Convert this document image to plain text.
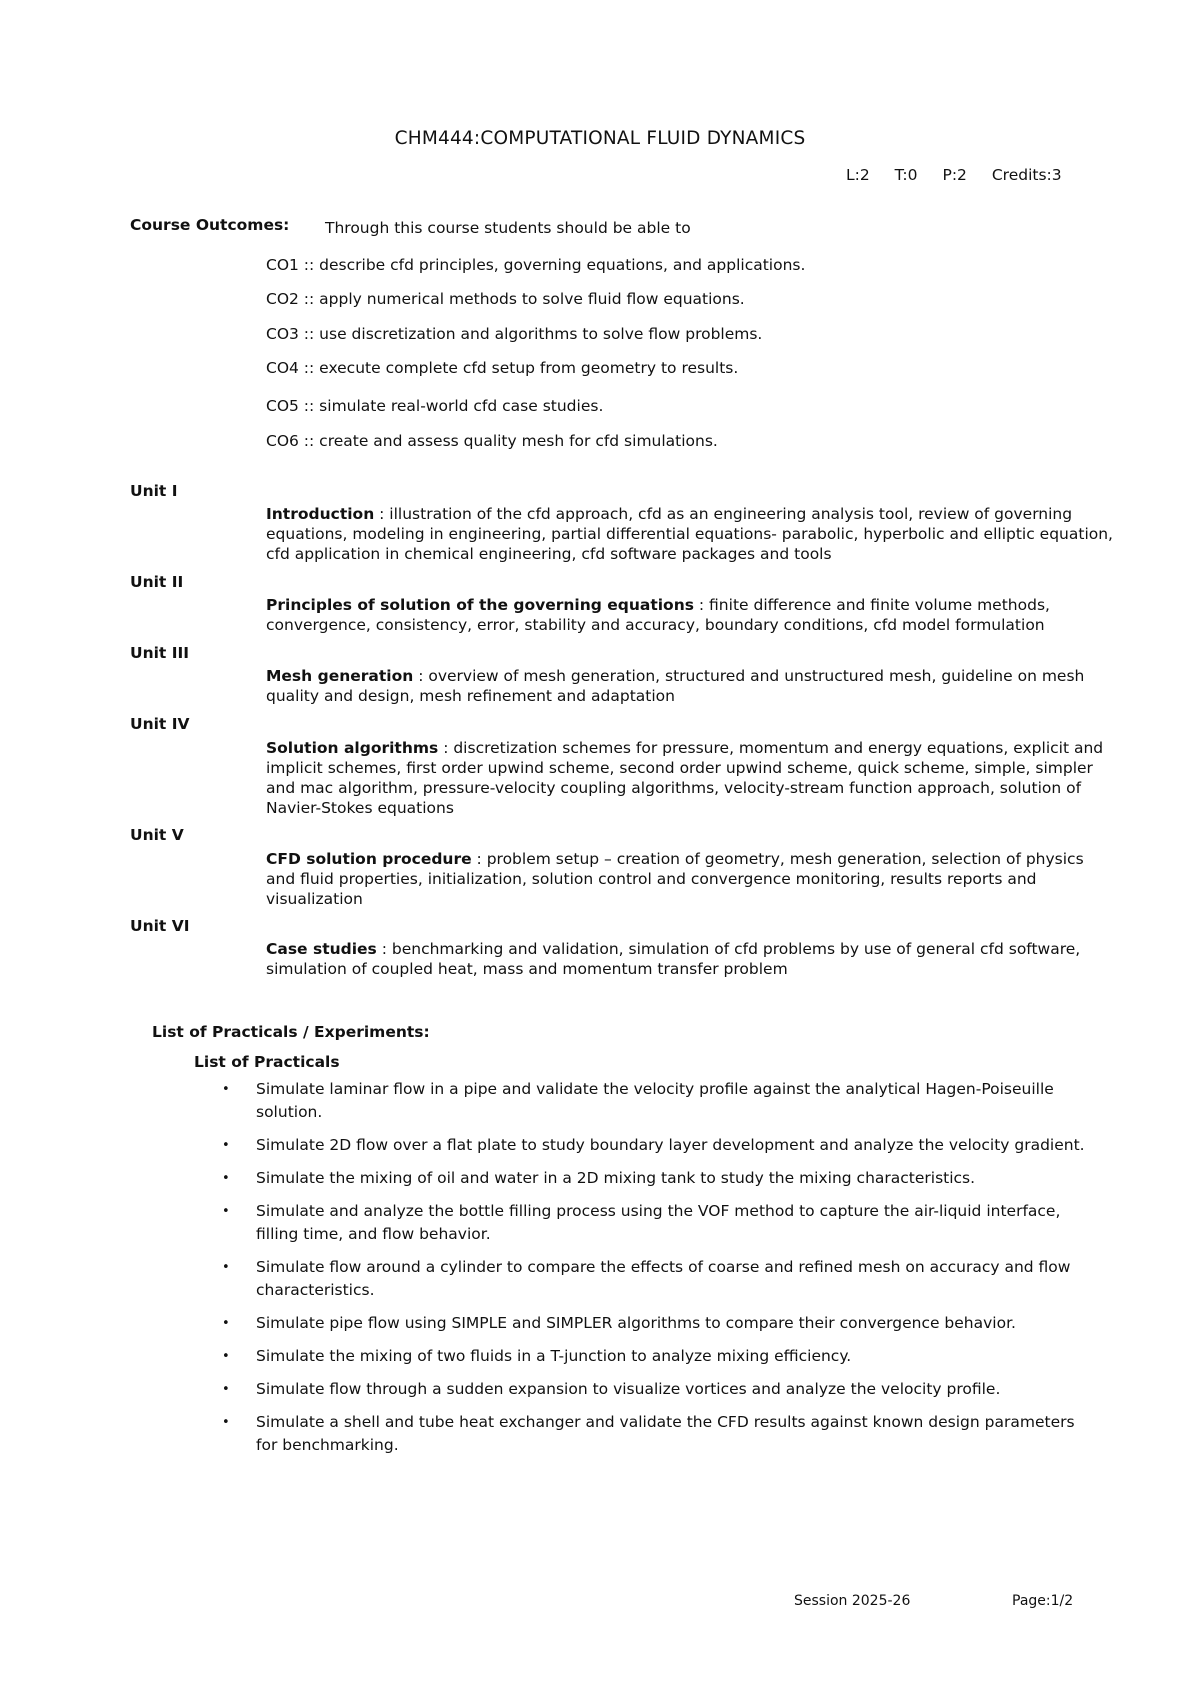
CHM444:COMPUTATIONAL FLUID DYNAMICS
L:2 T:0 P:2 Credits:3
Course Outcomes: Through this course students should be able to
CO1 :: describe cfd principles, governing equations, and applications.
CO2 :: apply numerical methods to solve fluid flow equations.
CO3 :: use discretization and algorithms to solve flow problems.
CO4 :: execute complete cfd setup from geometry to results.
CO5 :: simulate real-world cfd case studies.
CO6 :: create and assess quality mesh for cfd simulations.
Unit I
Introduction : illustration of the cfd approach, cfd as an engineering analysis tool, review of governing equations, modeling in engineering, partial differential equations- parabolic, hyperbolic and elliptic equation, cfd application in chemical engineering, cfd software packages and tools
Unit II
Principles of solution of the governing equations : finite difference and finite volume methods, convergence, consistency, error, stability and accuracy, boundary conditions, cfd model formulation
Unit III
Mesh generation : overview of mesh generation, structured and unstructured mesh, guideline on mesh quality and design, mesh refinement and adaptation
Unit IV
Solution algorithms : discretization schemes for pressure, momentum and energy equations, explicit and implicit schemes, first order upwind scheme, second order upwind scheme, quick scheme, simple, simpler and mac algorithm, pressure-velocity coupling algorithms, velocity-stream function approach, solution of Navier-Stokes equations
Unit V
CFD solution procedure : problem setup – creation of geometry, mesh generation, selection of physics and fluid properties, initialization, solution control and convergence monitoring, results reports and visualization
Unit VI
Case studies : benchmarking and validation, simulation of cfd problems by use of general cfd software, simulation of coupled heat, mass and momentum transfer problem
List of Practicals / Experiments:
List of Practicals
• Simulate laminar flow in a pipe and validate the velocity profile against the analytical Hagen-Poiseuille solution.
• Simulate 2D flow over a flat plate to study boundary layer development and analyze the velocity gradient.
• Simulate the mixing of oil and water in a 2D mixing tank to study the mixing characteristics.
• Simulate and analyze the bottle filling process using the VOF method to capture the air-liquid interface, filling time, and flow behavior.
• Simulate flow around a cylinder to compare the effects of coarse and refined mesh on accuracy and flow characteristics.
• Simulate pipe flow using SIMPLE and SIMPLER algorithms to compare their convergence behavior.
• Simulate the mixing of two fluids in a T-junction to analyze mixing efficiency.
• Simulate flow through a sudden expansion to visualize vortices and analyze the velocity profile.
• Simulate a shell and tube heat exchanger and validate the CFD results against known design parameters for benchmarking.
Session 2025-26	Page:1/2
